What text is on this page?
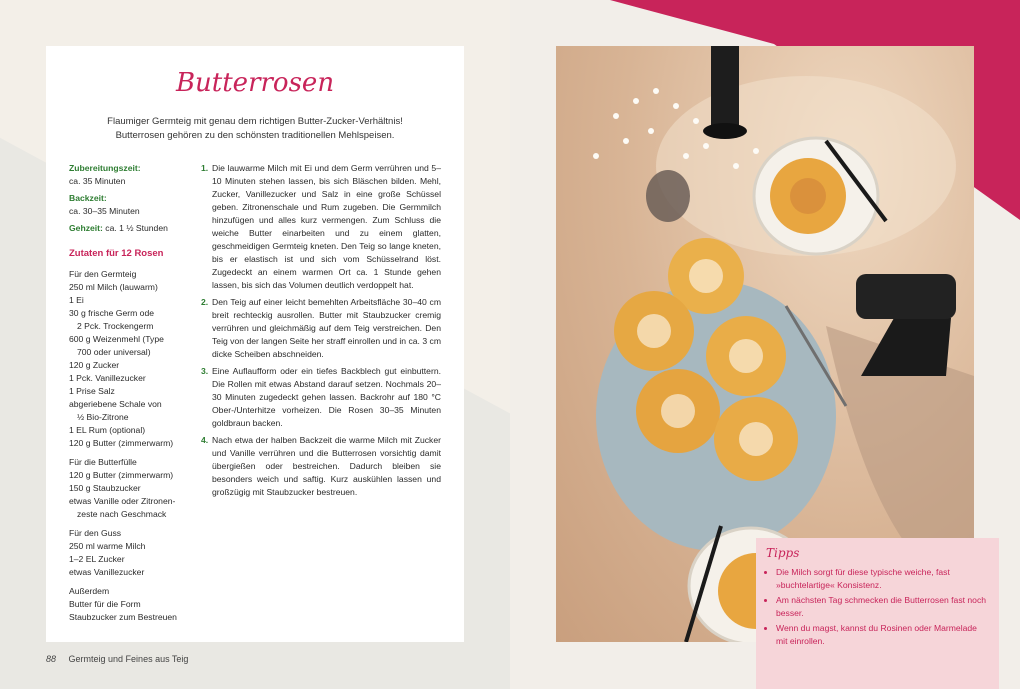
Butterrosen
Flaumiger Germteig mit genau dem richtigen Butter-Zucker-Verhältnis! Butterrosen gehören zu den schönsten traditionellen Mehlspeisen.
Zubereitungszeit:
ca. 35 Minuten
Backzeit:
ca. 30–35 Minuten
Gehzeit: ca. 1 ½ Stunden
Zutaten für 12 Rosen
Für den Germteig
250 ml Milch (lauwarm)
1 Ei
30 g frische Germ ode
2 Pck. Trockengerm
600 g Weizenmehl (Type
700 oder universal)
120 g Zucker
1 Pck. Vanillezucker
1 Prise Salz
abgeriebene Schale von
½ Bio-Zitrone
1 EL Rum (optional)
120 g Butter (zimmerwarm)
Für die Butterfülle
120 g Butter (zimmerwarm)
150 g Staubzucker
etwas Vanille oder Zitronen-
zeste nach Geschmack
Für den Guss
250 ml warme Milch
1–2 EL Zucker
etwas Vanillezucker
Außerdem
Butter für die Form
Staubzucker zum Bestreuen
1. Die lauwarme Milch mit Ei und dem Germ verrühren und 5–10 Minuten stehen lassen, bis sich Bläschen bilden. Mehl, Zucker, Vanillezucker und Salz in eine große Schüssel geben. Zitronenschale und Rum zugeben. Die Germmilch hinzufügen und alles kurz vermengen. Zum Schluss die weiche Butter einarbeiten und zu einem glatten, geschmeidigen Germteig kneten. Den Teig so lange kneten, bis er elastisch ist und sich vom Schüsselrand löst. Zugedeckt an einem warmen Ort ca. 1 Stunde gehen lassen, bis sich das Volumen deutlich verdoppelt hat.
2. Den Teig auf einer leicht bemehlten Arbeitsfläche 30–40 cm breit rechteckig ausrollen. Butter mit Staubzucker cremig verrühren und gleichmäßig auf dem Teig verstreichen. Den Teig von der langen Seite her straff einrollen und in ca. 3 cm dicke Scheiben abschneiden.
3. Eine Auflaufform oder ein tiefes Backblech gut einbuttern. Die Rollen mit etwas Abstand darauf setzen. Nochmals 20–30 Minuten zugedeckt gehen lassen. Backrohr auf 180 °C Ober-/Unterhitze vorheizen. Die Rosen 30–35 Minuten goldbraun backen.
4. Nach etwa der halben Backzeit die warme Milch mit Zucker und Vanille verrühren und die Butterrosen vorsichtig damit übergießen oder bestreichen. Dadurch bleiben sie besonders weich und saftig. Kurz auskühlen lassen und großzügig mit Staubzucker bestreuen.
88 Germteig und Feines aus Teig
Tipps
• Die Milch sorgt für diese typische weiche, fast »buchtelartige« Konsistenz.
• Am nächsten Tag schmecken die Butterrosen fast noch besser.
• Wenn du magst, kannst du Rosinen oder Marmelade mit einrollen.
